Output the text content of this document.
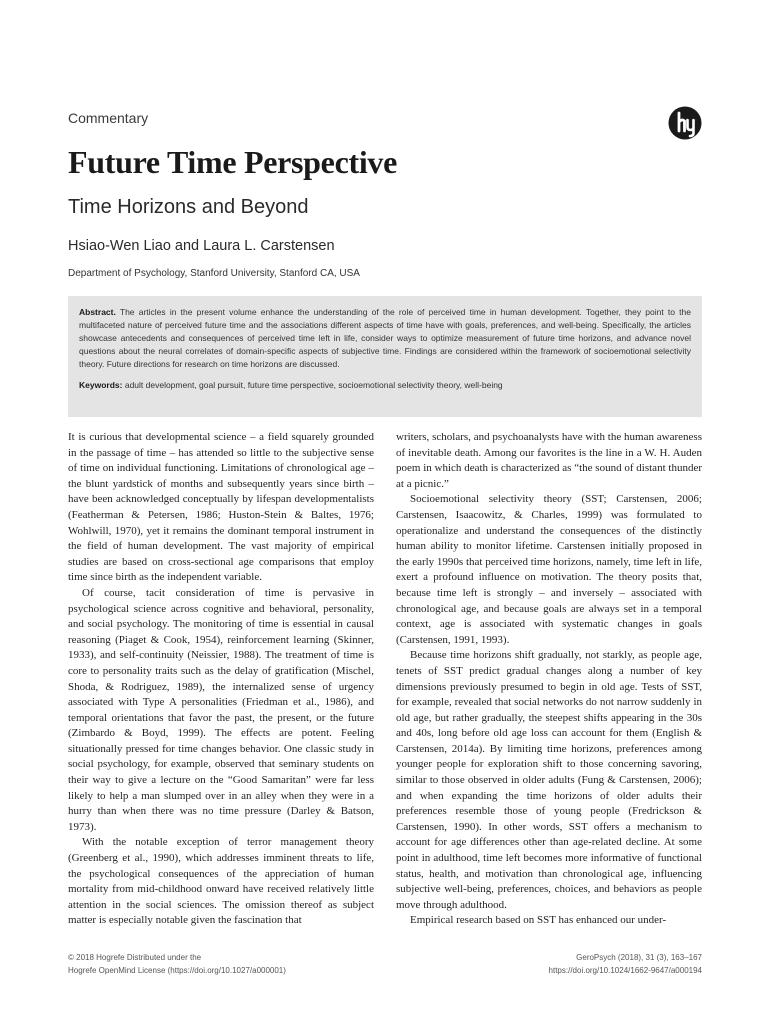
Commentary
Future Time Perspective
Time Horizons and Beyond
Hsiao-Wen Liao and Laura L. Carstensen
Department of Psychology, Stanford University, Stanford CA, USA

Abstract. The articles in the present volume enhance the understanding of the role of perceived time in human development. Together, they point to the multifaceted nature of perceived future time and the associations different aspects of time have with goals, preferences, and well-being. Specifically, the articles showcase antecedents and consequences of perceived time left in life, consider ways to optimize measurement of future time horizons, and advance novel questions about the neural correlates of domain-specific aspects of subjective time. Findings are considered within the framework of socioemotional selectivity theory. Future directions for research on time horizons are discussed.

Keywords: adult development, goal pursuit, future time perspective, socioemotional selectivity theory, well-being

It is curious that developmental science – a field squarely grounded in the passage of time – has attended so little to the subjective sense of time on individual functioning. Limitations of chronological age – the blunt yardstick of months and subsequently years since birth – have been acknowledged conceptually by lifespan developmentalists (Featherman & Petersen, 1986; Huston-Stein & Baltes, 1976; Wohlwill, 1970), yet it remains the dominant temporal instrument in the field of human development. The vast majority of empirical studies are based on cross-sectional age comparisons that employ time since birth as the independent variable.

Of course, tacit consideration of time is pervasive in psychological science across cognitive and behavioral, personality, and social psychology. The monitoring of time is essential in causal reasoning (Piaget & Cook, 1954), reinforcement learning (Skinner, 1933), and self-continuity (Neissier, 1988). The treatment of time is core to personality traits such as the delay of gratification (Mischel, Shoda, & Rodriguez, 1989), the internalized sense of urgency associated with Type A personalities (Friedman et al., 1986), and temporal orientations that favor the past, the present, or the future (Zimbardo & Boyd, 1999). The effects are potent. Feeling situationally pressed for time changes behavior. One classic study in social psychology, for example, observed that seminary students on their way to give a lecture on the “Good Samaritan” were far less likely to help a man slumped over in an alley when they were in a hurry than when there was no time pressure (Darley & Batson, 1973).

With the notable exception of terror management theory (Greenberg et al., 1990), which addresses imminent threats to life, the psychological consequences of the appreciation of human mortality from mid-childhood onward have received relatively little attention in the social sciences. The omission thereof as subject matter is especially notable given the fascination that

writers, scholars, and psychoanalysts have with the human awareness of inevitable death. Among our favorites is the line in a W. H. Auden poem in which death is characterized as “the sound of distant thunder at a picnic.”

Socioemotional selectivity theory (SST; Carstensen, 2006; Carstensen, Isaacowitz, & Charles, 1999) was formulated to operationalize and understand the consequences of the distinctly human ability to monitor lifetime. Carstensen initially proposed in the early 1990s that perceived time horizons, namely, time left in life, exert a profound influence on motivation. The theory posits that, because time left is strongly – and inversely – associated with chronological age, and because goals are always set in a temporal context, age is associated with systematic changes in goals (Carstensen, 1991, 1993).

Because time horizons shift gradually, not starkly, as people age, tenets of SST predict gradual changes along a number of key dimensions previously presumed to begin in old age. Tests of SST, for example, revealed that social networks do not narrow suddenly in old age, but rather gradually, the steepest shifts appearing in the 30s and 40s, long before old age loss can account for them (English & Carstensen, 2014a). By limiting time horizons, preferences among younger people for exploration shift to those concerning savoring, similar to those observed in older adults (Fung & Carstensen, 2006); and when expanding the time horizons of older adults their preferences resemble those of young people (Fredrickson & Carstensen, 1990). In other words, SST offers a mechanism to account for age differences other than age-related decline. At some point in adulthood, time left becomes more informative of functional status, health, and motivation than chronological age, influencing subjective well-being, preferences, choices, and behaviors as people move through adulthood.

Empirical research based on SST has enhanced our under-

© 2018 Hogrefe Distributed under the
Hogrefe OpenMind License (https://doi.org/10.1027/a000001)
GeroPsych (2018), 31 (3), 163–167
https://doi.org/10.1024/1662-9647/a000194
